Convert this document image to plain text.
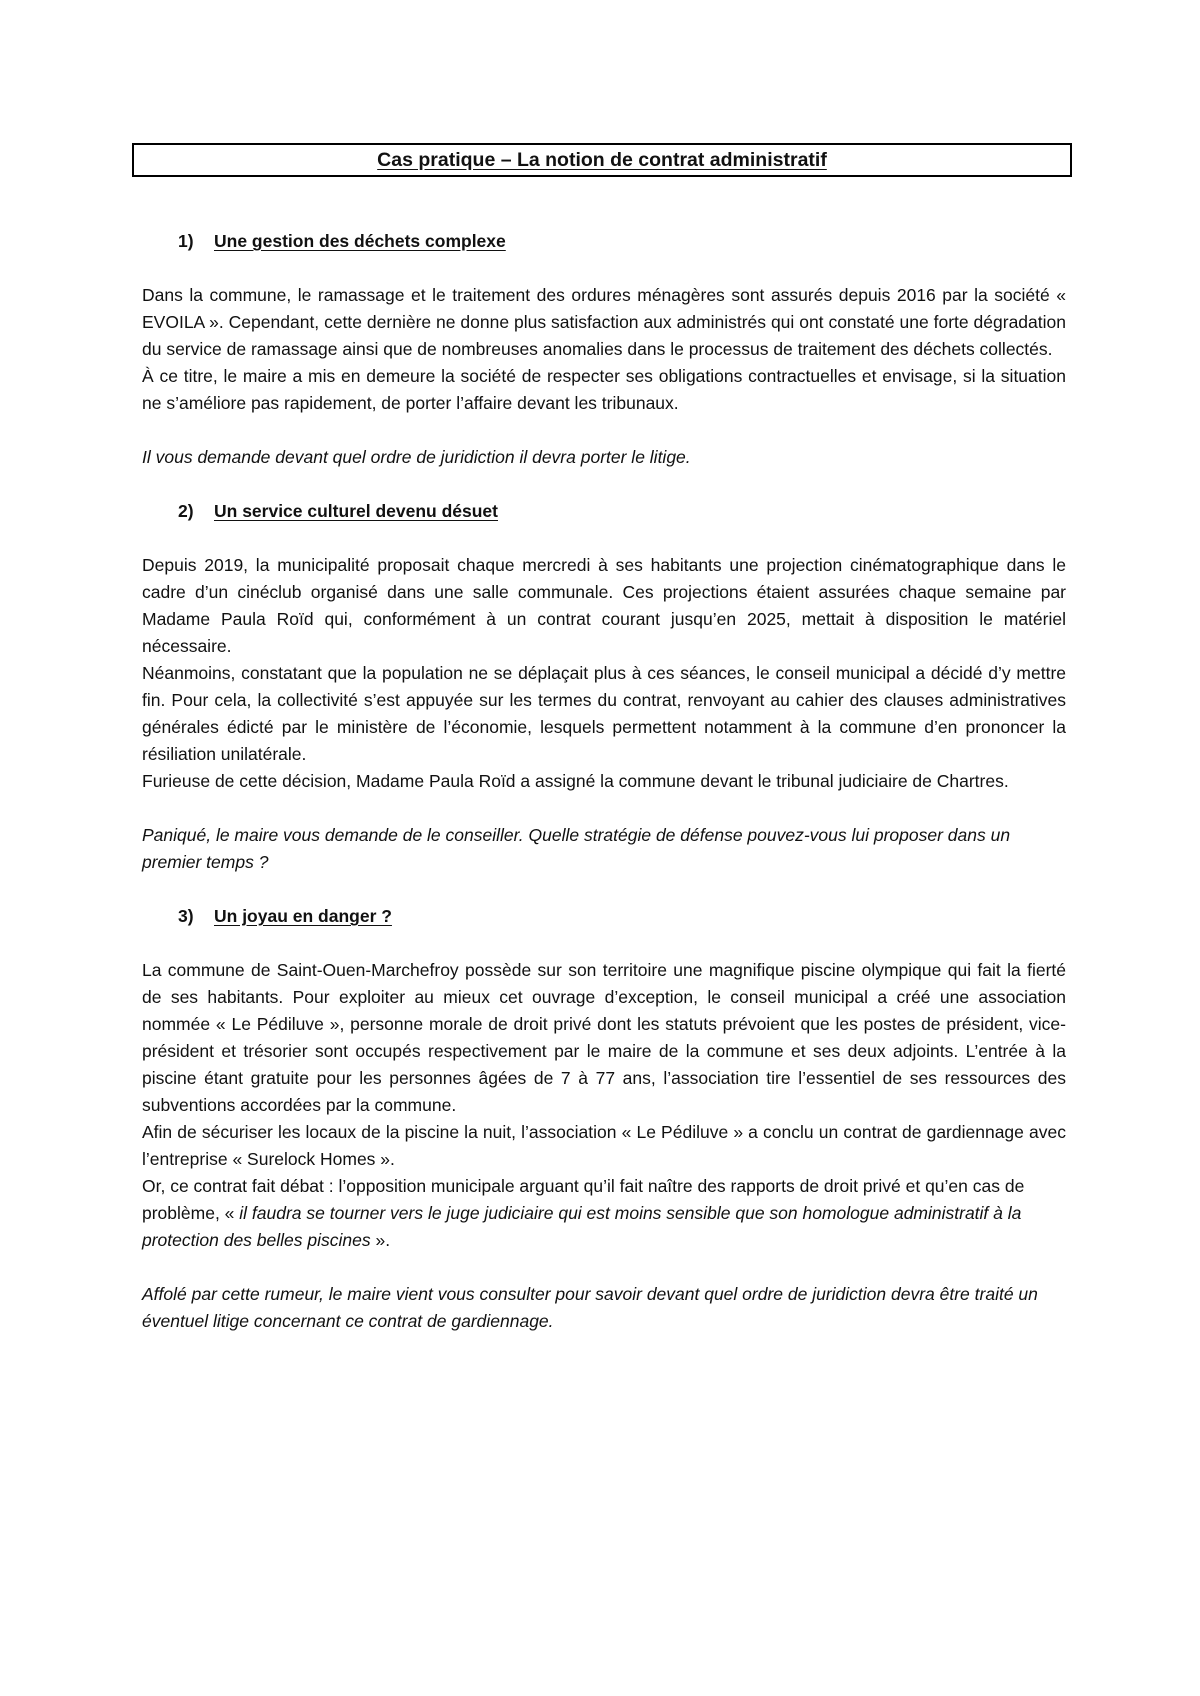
Cas pratique – La notion de contrat administratif
1)	Une gestion des déchets complexe

Dans la commune, le ramassage et le traitement des ordures ménagères sont assurés depuis 2016 par la société « EVOILA ». Cependant, cette dernière ne donne plus satisfaction aux administrés qui ont constaté une forte dégradation du service de ramassage ainsi que de nombreuses anomalies dans le processus de traitement des déchets collectés.

À ce titre, le maire a mis en demeure la société de respecter ses obligations contractuelles et envisage, si la situation ne s’améliore pas rapidement, de porter l’affaire devant les tribunaux.

Il vous demande devant quel ordre de juridiction il devra porter le litige.

2)	Un service culturel devenu désuet

Depuis 2019, la municipalité proposait chaque mercredi à ses habitants une projection cinématographique dans le cadre d’un cinéclub organisé dans une salle communale. Ces projections étaient assurées chaque semaine par Madame Paula Roïd qui, conformément à un contrat courant jusqu’en 2025, mettait à disposition le matériel nécessaire.

Néanmoins, constatant que la population ne se déplaçait plus à ces séances, le conseil municipal a décidé d’y mettre fin. Pour cela, la collectivité s’est appuyée sur les termes du contrat, renvoyant au cahier des clauses administratives générales édicté par le ministère de l’économie, lesquels permettent notamment à la commune d’en prononcer la résiliation unilatérale.

Furieuse de cette décision, Madame Paula Roïd a assigné la commune devant le tribunal judiciaire de Chartres.

Paniqué, le maire vous demande de le conseiller. Quelle stratégie de défense pouvez-vous lui proposer dans un premier temps ?

3)	Un joyau en danger ?

La commune de Saint-Ouen-Marchefroy possède sur son territoire une magnifique piscine olympique qui fait la fierté de ses habitants. Pour exploiter au mieux cet ouvrage d’exception, le conseil municipal a créé une association nommée « Le Pédiluve », personne morale de droit privé dont les statuts prévoient que les postes de président, vice-président et trésorier sont occupés respectivement par le maire de la commune et ses deux adjoints. L’entrée à la piscine étant gratuite pour les personnes âgées de 7 à 77 ans, l’association tire l’essentiel de ses ressources des subventions accordées par la commune.

Afin de sécuriser les locaux de la piscine la nuit, l’association « Le Pédiluve » a conclu un contrat de gardiennage avec l’entreprise « Surelock Homes ».

Or, ce contrat fait débat : l’opposition municipale arguant qu’il fait naître des rapports de droit privé et qu’en cas de problème, « il faudra se tourner vers le juge judiciaire qui est moins sensible que son homologue administratif à la protection des belles piscines ».

Affolé par cette rumeur, le maire vient vous consulter pour savoir devant quel ordre de juridiction devra être traité un éventuel litige concernant ce contrat de gardiennage.
